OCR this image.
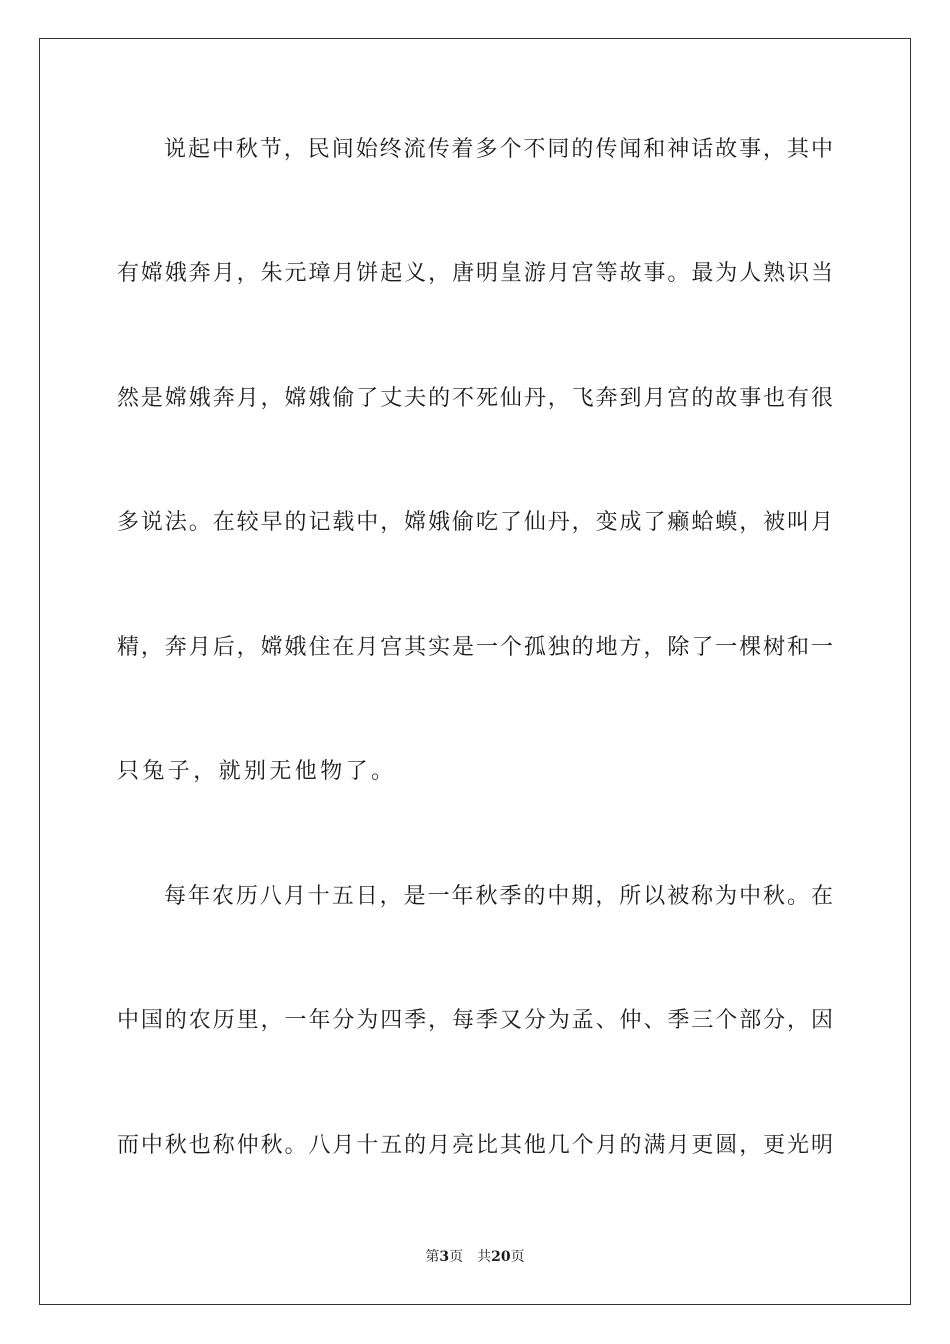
说起中秋节，民间始终流传着多个不同的传闻和神话故事，其中
有嫦娥奔月，朱元璋月饼起义，唐明皇游月宫等故事。最为人熟识当
然是嫦娥奔月，嫦娥偷了丈夫的不死仙丹，飞奔到月宫的故事也有很
多说法。在较早的记载中，嫦娥偷吃了仙丹，变成了癞蛤蟆，被叫月
精，奔月后，嫦娥住在月宫其实是一个孤独的地方，除了一棵树和一
只兔子，就别无他物了。
每年农历八月十五日，是一年秋季的中期，所以被称为中秋。在
中国的农历里，一年分为四季，每季又分为孟、仲、季三个部分，因
而中秋也称仲秋。八月十五的月亮比其他几个月的满月更圆，更光明
第3页 共20页
